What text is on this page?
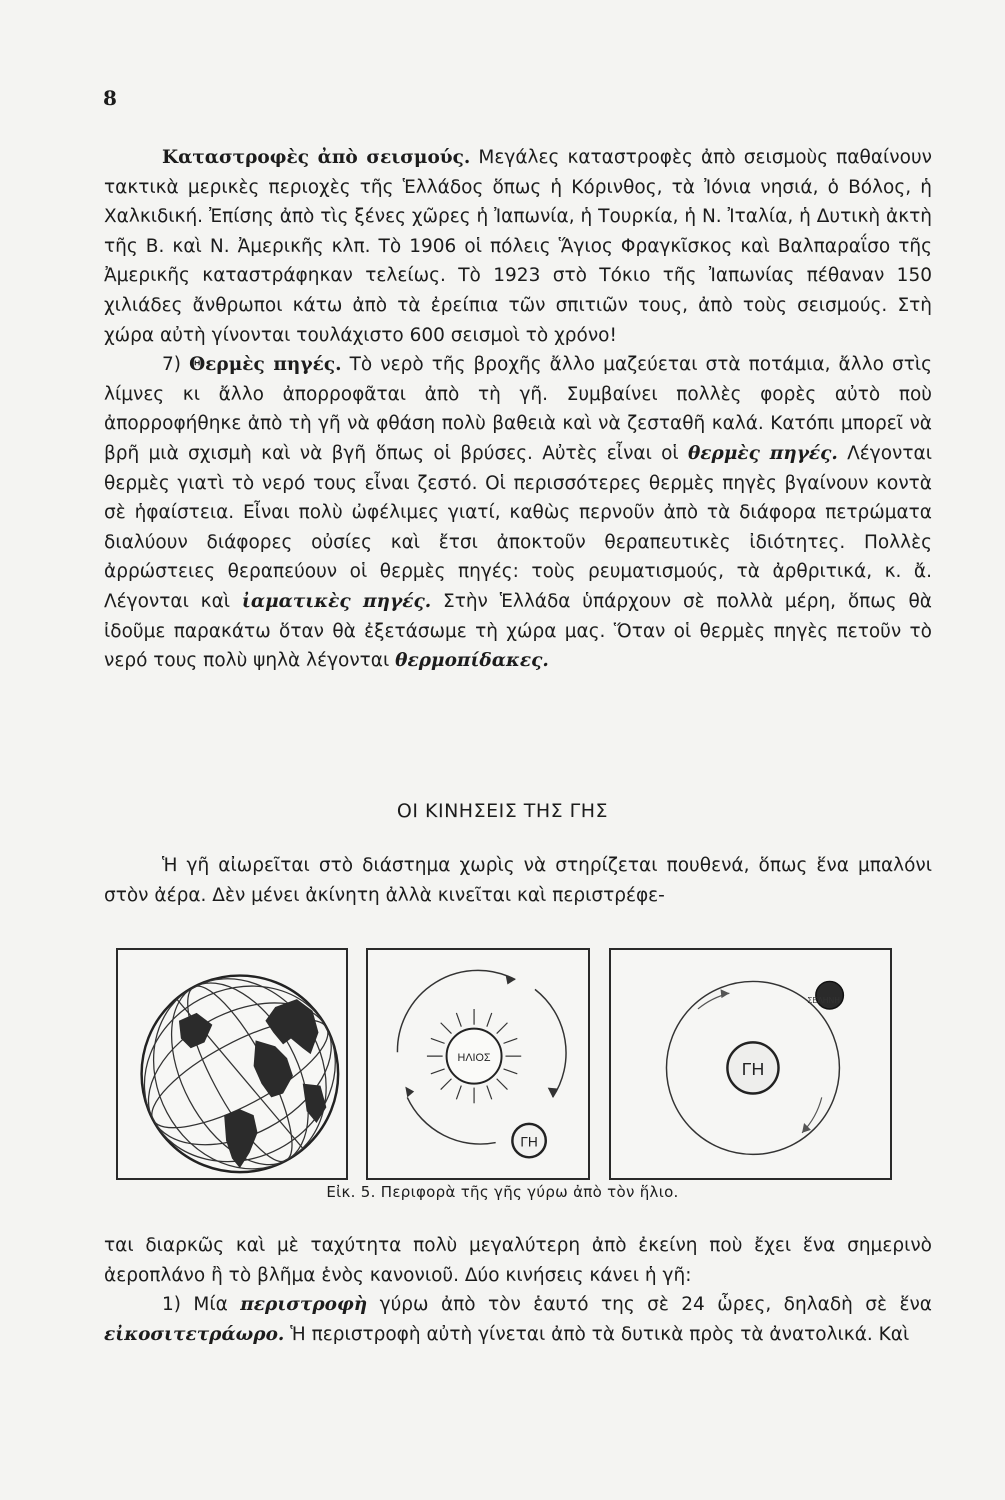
8

Καταστροφὲς ἀπὸ σεισμούς. Μεγάλες καταστροφὲς ἀπὸ σεισμοὺς παθαίνουν τακτικὰ μερικὲς περιοχὲς τῆς Ἑλλάδος ὅπως ἡ Κόρινθος, τὰ Ἰόνια νησιά, ὁ Βόλος, ἡ Χαλκιδική. Ἐπίσης ἀπὸ τὶς ξένες χῶρες ἡ Ἰαπωνία, ἡ Τουρκία, ἡ Ν. Ἰταλία, ἡ Δυτικὴ ἀκτὴ τῆς Β. καὶ Ν. Ἀμερικῆς κλπ. Τὸ 1906 οἱ πόλεις Ἅγιος Φραγκῖσκος καὶ Βαλπαραΐσο τῆς Ἀμερικῆς καταστράφηκαν τελείως. Τὸ 1923 στὸ Τόκιο τῆς Ἰαπωνίας πέθαναν 150 χιλιάδες ἄνθρωποι κάτω ἀπὸ τὰ ἐρείπια τῶν σπιτιῶν τους, ἀπὸ τοὺς σεισμούς. Στὴ χώρα αὐτὴ γίνονται τουλάχιστο 600 σεισμοὶ τὸ χρόνο!

7) Θερμὲς πηγές. Τὸ νερὸ τῆς βροχῆς ἄλλο μαζεύεται στὰ ποτάμια, ἄλλο στὶς λίμνες κι ἄλλο ἀπορροφᾶται ἀπὸ τὴ γῆ. Συμβαίνει πολλὲς φορὲς αὐτὸ ποὺ ἀπορροφήθηκε ἀπὸ τὴ γῆ νὰ φθάση πολὺ βαθειὰ καὶ νὰ ζεσταθῆ καλά. Κατόπι μπορεῖ νὰ βρῆ μιὰ σχισμὴ καὶ νὰ βγῆ ὅπως οἱ βρύσες. Αὐτὲς εἶναι οἱ θερμὲς πηγές. Λέγονται θερμὲς γιατὶ τὸ νερό τους εἶναι ζεστό. Οἱ περισσότερες θερμὲς πηγὲς βγαίνουν κοντὰ σὲ ἡφαίστεια. Εἶναι πολὺ ὠφέλιμες γιατί, καθὼς περνοῦν ἀπὸ τὰ διάφορα πετρώματα διαλύουν διάφορες οὐσίες καὶ ἔτσι ἀποκτοῦν θεραπευτικὲς ἰδιότητες. Πολλὲς ἀρρώστειες θεραπεύουν οἱ θερμὲς πηγές: τοὺς ρευματισμούς, τὰ ἀρθριτικά, κ. ἄ. Λέγονται καὶ ἰαματικὲς πηγές. Στὴν Ἑλλάδα ὑπάρχουν σὲ πολλὰ μέρη, ὅπως θὰ ἰδοῦμε παρακάτω ὅταν θὰ ἐξετάσωμε τὴ χώρα μας. Ὅταν οἱ θερμὲς πηγὲς πετοῦν τὸ νερό τους πολὺ ψηλὰ λέγονται θερμοπίδακες.

ΟΙ ΚΙΝΗΣΕΙΣ ΤΗΣ ΓΗΣ

Ἡ γῆ αἰωρεῖται στὸ διάστημα χωρὶς νὰ στηρίζεται πουθενά, ὅπως ἕνα μπαλόνι στὸν ἀέρα. Δὲν μένει ἀκίνητη ἀλλὰ κινεῖται καὶ περιστρέφε-

ΗΛΙΟΣ
ΓΗ
ΓΗ
ΣΕΛΗΝΗ
Εἰκ. 5. Περιφορὰ τῆς γῆς γύρω ἀπὸ τὸν ἥλιο.

ται διαρκῶς καὶ μὲ ταχύτητα πολὺ μεγαλύτερη ἀπὸ ἐκείνη ποὺ ἔχει ἕνα σημερινὸ ἀεροπλάνο ἢ τὸ βλῆμα ἑνὸς κανονιοῦ. Δύο κινήσεις κάνει ἡ γῆ:

1) Μία περιστροφὴ γύρω ἀπὸ τὸν ἑαυτό της σὲ 24 ὧρες, δηλαδὴ σὲ ἕνα εἰκοσιτετράωρο. Ἡ περιστροφὴ αὐτὴ γίνεται ἀπὸ τὰ δυτικὰ πρὸς τὰ ἀνατολικά. Καὶ
